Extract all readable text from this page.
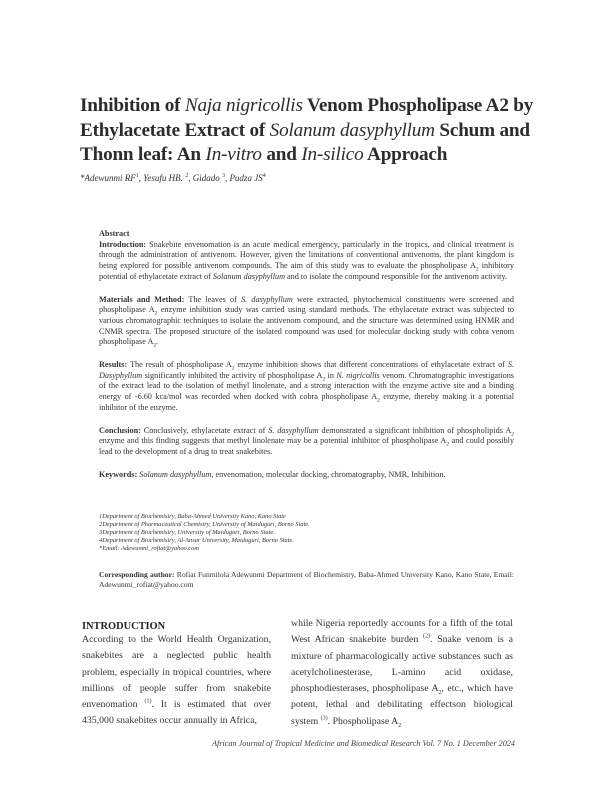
Inhibition of Naja nigricollis Venom Phospholipase A2 by Ethylacetate Extract of Solanum dasyphyllum Schum and Thonn leaf: An In-vitro and In-silico Approach
*Adewunmi $RF^1$, Yesufu HB. $^2$, Gidado $^3$, Pudza $JS^4$

Abstract

Introduction: Snakebite envenomation is an acute medical emergency, particularly in the tropics, and clinical treatment is through the administration of antivenom. However, given the limitations of conventional antivenoms, the plant kingdom is being explored for possible antivenom compounds. The aim of this study was to evaluate the phospholipase $A_2$ inhibitory potential of ethylacetate extract of Solanum dasyphyllum and to isolate the compound responsible for the antivenom activity.

Materials and Method: The leaves of S. dasyphyllum were extracted, phytochemical constituents were screened and phospholipase $A_2$ enzyme inhibition study was carried using standard methods. The ethylacetate extract was subjected to various chromatographic techniques to isolate the antivenom compound, and the structure was determined using HNMR and CNMR spectra. The proposed structure of the isolated compound was used for molecular docking study with cobra venom phospholipase $A_2$.

Results: The result of phospholipase $A_2$ enzyme inhibition shows that different concentrations of ethylacetate extract of S. Dasyphyllum significantly inhibited the activity of phospholipase $A_2$ in N. nigricollis venom. Chromatographic investigations of the extract lead to the isolation of methyl linolenate, and a strong interaction with the enzyme active site and a binding energy of -6.60 kca/mol was recorded when docked with cobra phospholipase $A_2$ enzyme, thereby making it a potential inhibitor of the enzyme.

Conclusion: Conclusively, ethylacetate extract of S. dasyphyllum demonstrated a significant inhibition of phospholipids $A_2$ enzyme and this finding suggests that methyl linolenate may be a potential inhibitor of phospholipase $A_2$ and could possibly lead to the development of a drug to treat snakebites.

Keywords: Solanum dasyphyllum, envenomation, molecular docking, chromatography, NMR, Inhibition.

1Department of Biochemistry, Baba-Ahmed University Kano, Kano State
2Department of Pharmaceutical Chemistry, University of Maiduguri, Borno State.
3Department of Biochemistry, University of Maiduguri, Borno State.
4Department of Biochemistry, Al-Ansar University, Maiduguri, Borno State.
*Email: Adewunmi_rofiat@yahoo.com
Corresponding author: Rofiat Funmilola Adewunmi Department of Biochemistry, Baba-Ahmed University Kano, Kano State, Email: Adewunmi_rofiat@yahoo.com
INTRODUCTION
According to the World Health Organization, snakebites are a neglected public health problem, especially in tropical countries, where millions of people suffer from snakebite envenomation $^{(1)}$. It is estimated that over 435,000 snakebites occur annually in Africa,
while Nigeria reportedly accounts for a fifth of the total West African snakebite burden $^{(2)}$. Snake venom is a mixture of pharmacologically active substances such as acetylcholinesterase, L-amino acid oxidase, phosphodiesterases, phospholipase $A_2$, etc., which have potent, lethal and debilitating effectson biological system $^{(3)}$. Phospholipase $A_2$
African Journal of Tropical Medicine and Biomedical Research Vol. 7 No. 1 December 2024
